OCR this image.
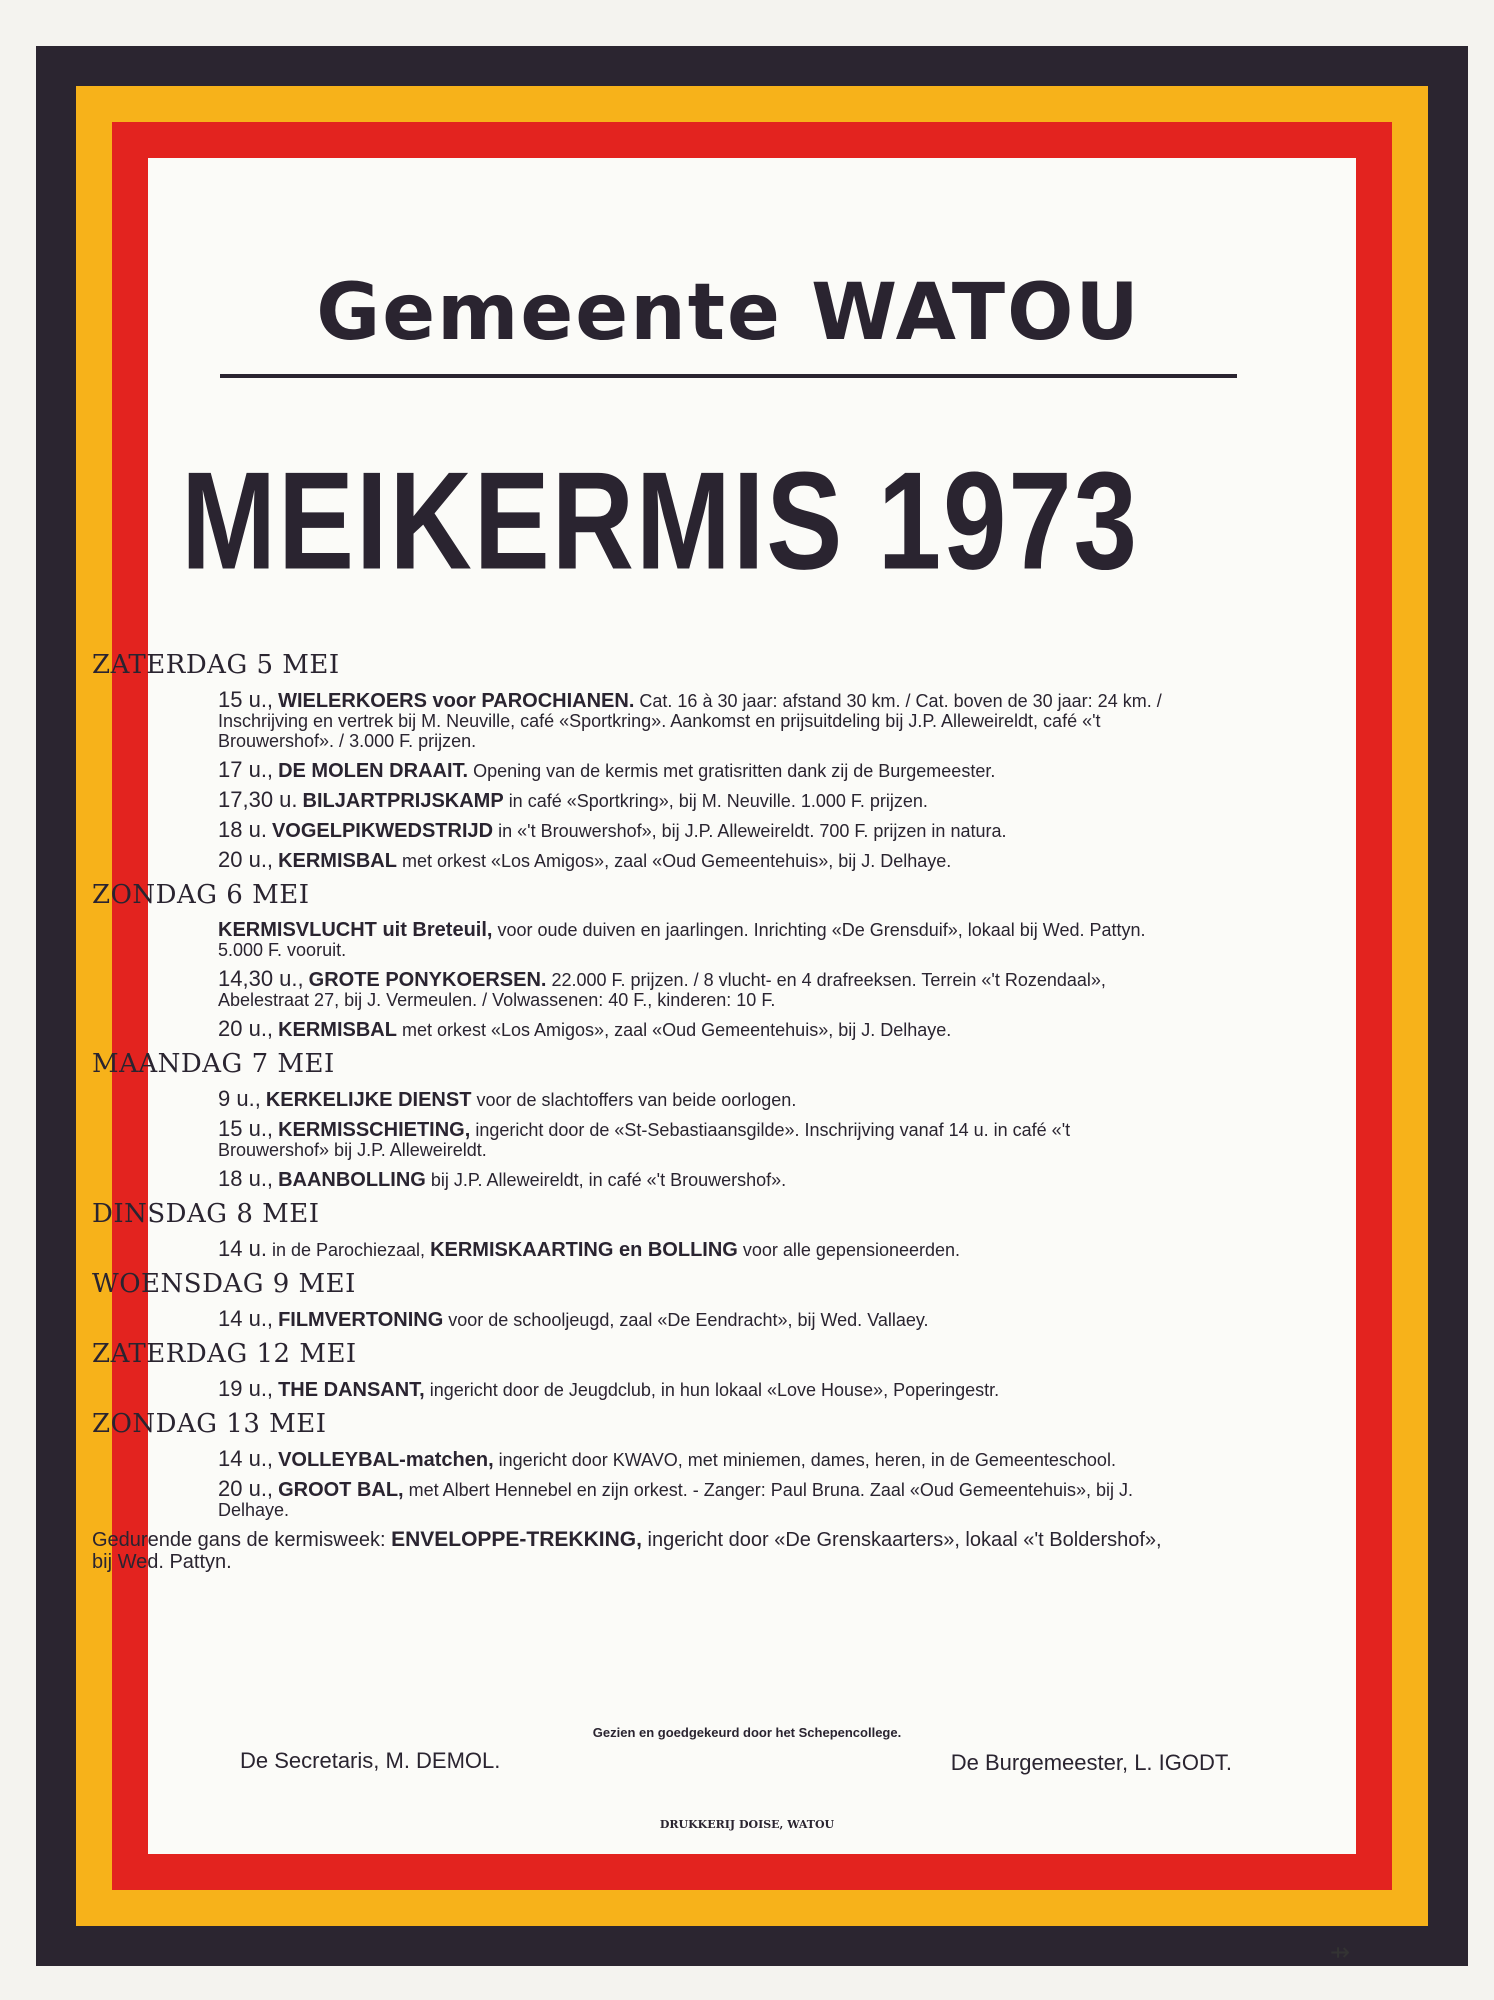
Gemeente WATOU
MEIKERMIS 1973
ZATERDAG 5 MEI
15 u., WIELERKOERS voor PAROCHIANEN. Cat. 16 à 30 jaar: afstand 30 km. / Cat. boven de 30 jaar: 24 km. / Inschrijving en vertrek bij M. Neuville, café «Sportkring». Aankomst en prijsuitdeling bij J.P. Alleweireldt, café «'t Brouwershof». / 3.000 F. prijzen.
17 u., DE MOLEN DRAAIT. Opening van de kermis met gratisritten dank zij de Burgemeester.
17,30 u. BILJARTPRIJSKAMP in café «Sportkring», bij M. Neuville. 1.000 F. prijzen.
18 u. VOGELPIKWEDSTRIJD in «'t Brouwershof», bij J.P. Alleweireldt. 700 F. prijzen in natura.
20 u., KERMISBAL met orkest «Los Amigos», zaal «Oud Gemeentehuis», bij J. Delhaye.
ZONDAG 6 MEI
KERMISVLUCHT uit Breteuil, voor oude duiven en jaarlingen. Inrichting «De Grensduif», lokaal bij Wed. Pattyn. 5.000 F. vooruit.
14,30 u., GROTE PONYKOERSEN. 22.000 F. prijzen. / 8 vlucht- en 4 drafreeksen. Terrein «'t Rozendaal», Abelestraat 27, bij J. Vermeulen. / Volwassenen: 40 F., kinderen: 10 F.
20 u., KERMISBAL met orkest «Los Amigos», zaal «Oud Gemeentehuis», bij J. Delhaye.
MAANDAG 7 MEI
9 u., KERKELIJKE DIENST voor de slachtoffers van beide oorlogen.
15 u., KERMISSCHIETING, ingericht door de «St-Sebastiaansgilde». Inschrijving vanaf 14 u. in café «'t Brouwershof» bij J.P. Alleweireldt.
18 u., BAANBOLLING bij J.P. Alleweireldt, in café «'t Brouwershof».
DINSDAG 8 MEI
14 u. in de Parochiezaal, KERMISKAARTING en BOLLING voor alle gepensioneerden.
WOENSDAG 9 MEI
14 u., FILMVERTONING voor de schooljeugd, zaal «De Eendracht», bij Wed. Vallaey.
ZATERDAG 12 MEI
19 u., THE DANSANT, ingericht door de Jeugdclub, in hun lokaal «Love House», Poperingestr.
ZONDAG 13 MEI
14 u., VOLLEYBAL-matchen, ingericht door KWAVO, met miniemen, dames, heren, in de Gemeenteschool.
20 u., GROOT BAL, met Albert Hennebel en zijn orkest. - Zanger: Paul Bruna. Zaal «Oud Gemeentehuis», bij J. Delhaye.
Gedurende gans de kermisweek: ENVELOPPE-TREKKING, ingericht door «De Grenskaarters», lokaal «'t Boldershof», bij Wed. Pattyn.
Gezien en goedgekeurd door het Schepencollege.
De Secretaris, M. DEMOL.	De Burgemeester, L. IGODT.
DRUKKERIJ DOISE, WATOU
⇸
